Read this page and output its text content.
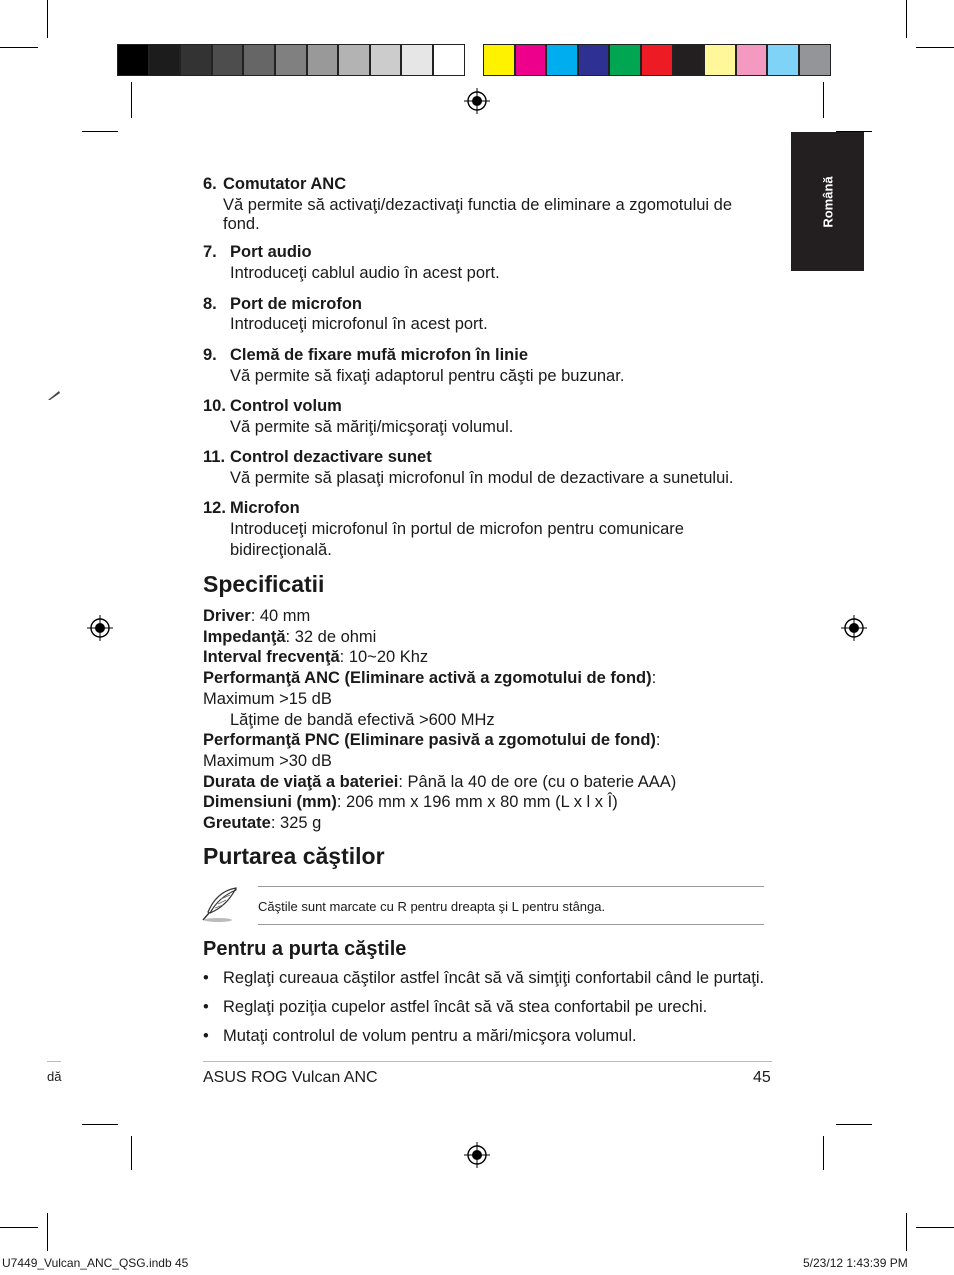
Română
6. Comutator ANC
Vă permite să activaţi/dezactivaţi functia de eliminare a zgomotului de
fond.
7. Port audio
Introduceţi cablul audio în acest port.
8. Port de microfon
Introduceţi microfonul în acest port.
9. Clemă de fixare mufă microfon în linie
Vă permite să fixaţi adaptorul pentru căşti pe buzunar.
10. Control volum
Vă permite să măriţi/micşoraţi volumul.
11. Control dezactivare sunet
Vă permite să plasaţi microfonul în modul de dezactivare a sunetului.
12. Microfon
Introduceţi microfonul în portul de microfon pentru comunicare
bidirecţională.
Specificatii
Driver: 40 mm
Impedanţă: 32 de ohmi
Interval frecvenţă: 10~20 Khz
Performanţă ANC (Eliminare activă a zgomotului de fond):
Maximum >15 dB
Lăţime de bandă efectivă >600 MHz
Performanţă PNC (Eliminare pasivă a zgomotului de fond):
Maximum >30 dB
Durata de viaţă a bateriei: Până la 40 de ore (cu o baterie AAA)
Dimensiuni (mm): 206 mm x 196 mm x 80 mm (L x l x Î)
Greutate: 325 g
Purtarea căştilor
Căştile sunt marcate cu R pentru dreapta şi L pentru stânga.
Pentru a purta căştile
• Reglaţi cureaua căştilor astfel încât să vă simţiţi confortabil când le purtaţi.
• Reglaţi poziţia cupelor astfel încât să vă stea confortabil pe urechi.
• Mutaţi controlul de volum pentru a mări/micşora volumul.
dă	ASUS ROG Vulcan ANC	45
U7449_Vulcan_ANC_QSG.indb 45	5/23/12 1:43:39 PM
